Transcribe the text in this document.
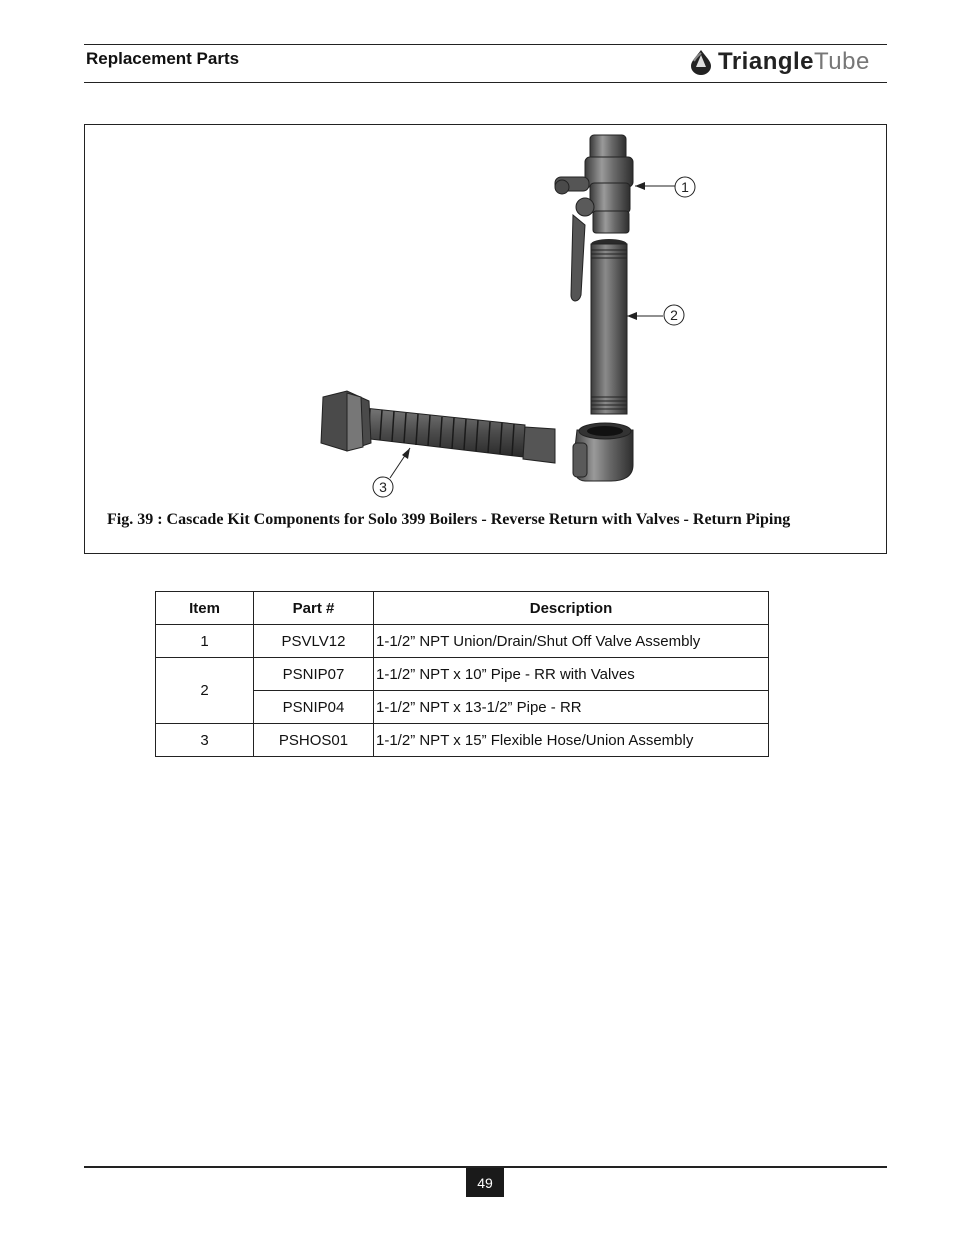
Replacement Parts	TriangleTube
1
2
3
Fig. 39 : Cascade Kit Components for Solo 399 Boilers - Reverse Return with Valves - Return Piping
Item	Part #	Description
1	PSVLV12	1-1/2” NPT Union/Drain/Shut Off Valve Assembly
2	PSNIP07	1-1/2” NPT x 10” Pipe - RR with Valves
	PSNIP04	1-1/2” NPT x 13-1/2” Pipe - RR
3	PSHOS01	1-1/2” NPT x 15” Flexible Hose/Union Assembly
49
